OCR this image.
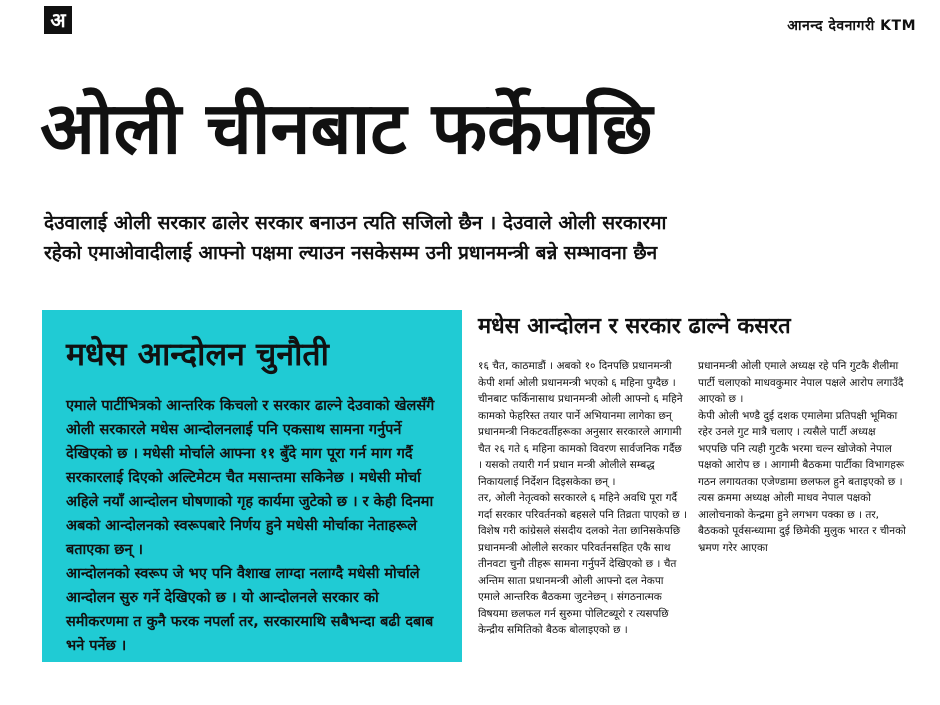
अ	आनन्द देवनागरी KTM
ओली चीनबाट फर्केपछि

देउवालाई ओली सरकार ढालेर सरकार बनाउन त्यति सजिलो छैन । देउवाले ओली सरकारमा

रहेको एमाओवादीलाई आफ्नो पक्षमा ल्याउन नसकेसम्म उनी प्रधानमन्त्री बन्ने सम्भावना छैन

मधेस आन्दोलन चुनौती

एमाले पार्टीभित्रको आन्तरिक किचलो र सरकार ढाल्ने देउवाको खेलसँगै ओली सरकारले मधेस आन्दोलनलाई पनि एकसाथ सामना गर्नुपर्ने देखिएको छ । मधेसी मोर्चाले आफ्ना ११ बुँदे माग पूरा गर्न माग गर्दै सरकारलाई दिएको अल्टिमेटम चैत मसान्तमा सकिनेछ । मधेसी मोर्चा अहिले नयाँ आन्दोलन घोषणाको गृह कार्यमा जुटेको छ । र केही दिनमा अबको आन्दोलनको स्वरूपबारे निर्णय हुने मधेसी मोर्चाका नेताहरूले बताएका छन् ।

आन्दोलनको स्वरूप जे भए पनि वैशाख लाग्दा नलाग्दै मधेसी मोर्चाले आन्दोलन सुरु गर्ने देखिएको छ । यो आन्दोलनले सरकार को समीकरणमा त कुनै फरक नपर्ला तर, सरकारमाथि सबैभन्दा बढी दबाब भने पर्नेछ ।

मधेस आन्दोलन र सरकार ढाल्ने कसरत

१६ चैत, काठमाडौं । अबको १० दिनपछि प्रधानमन्त्री केपी शर्मा ओली प्रधानमन्त्री भएको ६ महिना पुग्दैछ । चीनबाट फर्किनासाथ प्रधानमन्त्री ओली आफ्नो ६ महिने कामको फेहरिस्त तयार पार्ने अभियानमा लागेका छन् प्रधानमन्त्री निकटवर्तीहरूका अनुसार सरकारले आगामी चैत २६ गते ६ महिना कामको विवरण सार्वजनिक गर्दैछ । यसको तयारी गर्न प्रधान मन्त्री ओलीले सम्बद्ध निकायलाई निर्देशन दिइसकेका छन् ।

तर, ओली नेतृत्वको सरकारले ६ महिने अवधि पूरा गर्दै गर्दा सरकार परिवर्तनको बहसले पनि तिव्रता पाएको छ । विशेष गरी कांग्रेसले संसदीय दलको नेता छानिसकेपछि प्रधानमन्त्री ओलीले सरकार परिवर्तनसहित एकै साथ तीनवटा चुनौ तीहरू सामना गर्नुपर्ने देखिएको छ । चैत अन्तिम साता प्रधानमन्त्री ओली आफ्नो दल नेकपा एमाले आन्तरिक बैठकमा जुटनेछन् । संगठनात्मक विषयमा छलफल गर्न सुरुमा पोलिटब्यूरो र त्यसपछि केन्द्रीय समितिको बैठक बोलाइएको छ ।

प्रधानमन्त्री ओली एमाले अध्यक्ष रहे पनि गुटकै शैलीमा पार्टी चलाएको माधवकुमार नेपाल पक्षले आरोप लगाउँदै आएको छ ।

केपी ओली भण्डै दुई दशक एमालेमा प्रतिपक्षी भूमिका रहेर उनले गुट मात्रै चलाए । त्यसैले पार्टी अध्यक्ष भएपछि पनि त्यही गुटकै भरमा चल्न खोजेको नेपाल पक्षको आरोप छ । आगामी बैठकमा पार्टीका विभागहरू गठन लगायतका एजेण्डामा छलफल हुने बताइएको छ । त्यस क्रममा अध्यक्ष ओली माधव नेपाल पक्षको आलोचनाको केन्द्रमा हुने लगभग पक्का छ । तर, बैठकको पूर्वसन्ध्यामा दुई छिमेकी मुलुक भारत र चीनको भ्रमण गरेर आएका
